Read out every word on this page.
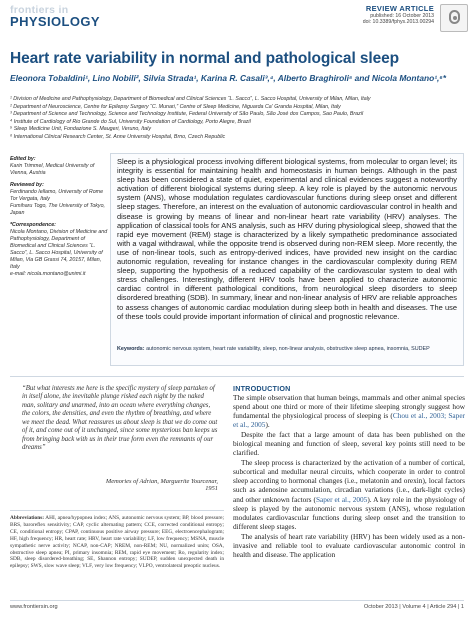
frontiers in
PHYSIOLOGY
REVIEW ARTICLE
published: 16 October 2013
doi: 10.3389/fphys.2013.00294
Heart rate variability in normal and pathological sleep
Eleonora Tobaldini¹, Lino Nobili², Silvia Strada¹, Karina R. Casali³,⁴, Alberto Braghiroli⁵ and Nicola Montano¹,⁶*
¹ Division of Medicine and Pathophysiology, Department of Biomedical and Clinical Sciences “L. Sacco”, L. Sacco Hospital, University of Milan, Milan, Italy
² Department of Neuroscience, Centre for Epilepsy Surgery “C. Munari,” Centre of Sleep Medicine, Niguarda Ca' Granda Hospital, Milan, Italy
³ Department of Science and Technology, Science and Technology Institute, Federal University of São Paulo, São José dos Campos, Sao Paulo, Brazil
⁴ Institute of Cardiology of Rio Grande do Sul, University Foundation of Cardiology, Porto Alegre, Brazil
⁵ Sleep Medicine Unit, Fondazione S. Maugeri, Veruno, Italy
⁶ International Clinical Research Center, St. Anne University Hospital, Brno, Czech Republic
Edited by:
Karin Trimmel, Medical University of Vienna, Austria
Reviewed by:
Ferdinando Iellamo, University of Rome Tor Vergata, Italy
Fumiharu Togo, The University of Tokyo, Japan
*Correspondence:
Nicola Montano, Division of Medicine and Pathophysiology, Department of Biomedical and Clinical Sciences “L. Sacco”, L. Sacco Hospital, University of Milan, Via GB Grassi 74, 20157, Milan, Italy
e-mail: nicola.montano@unimi.it
Sleep is a physiological process involving different biological systems, from molecular to organ level; its integrity is essential for maintaining health and homeostasis in human beings. Although in the past sleep has been considered a state of quiet, experimental and clinical evidences suggest a noteworthy activation of different biological systems during sleep. A key role is played by the autonomic nervous system (ANS), whose modulation regulates cardiovascular functions during sleep onset and different sleep stages. Therefore, an interest on the evaluation of autonomic cardiovascular control in health and disease is growing by means of linear and non-linear heart rate variability (HRV) analyses. The application of classical tools for ANS analysis, such as HRV during physiological sleep, showed that the rapid eye movement (REM) stage is characterized by a likely sympathetic predominance associated with a vagal withdrawal, while the opposite trend is observed during non-REM sleep. More recently, the use of non-linear tools, such as entropy-derived indices, have provided new insight on the cardiac autonomic regulation, revealing for instance changes in the cardiovascular complexity during REM sleep, supporting the hypothesis of a reduced capability of the cardiovascular system to deal with stress challenges. Interestingly, different HRV tools have been applied to characterize autonomic cardiac control in different pathological conditions, from neurological sleep disorders to sleep disordered breathing (SDB). In summary, linear and non-linear analysis of HRV are reliable approaches to assess changes of autonomic cardiac modulation during sleep both in health and diseases. The use of these tools could provide important information of clinical and prognostic relevance.
Keywords: autonomic nervous system, heart rate variability, sleep, non-linear analysis, obstructive sleep apnea, insomnia, SUDEP
“But what interests me here is the specific mystery of sleep partaken of in itself alone, the inevitable plunge risked each night by the naked man, solitary and unarmed, into an ocean where everything changes, the colors, the densities, and even the rhythm of breathing, and where we meet the dead. What reassures us about sleep is that we do come out of it, and come out of it unchanged, since some mysterious ban keeps us from bringing back with us in their true form even the remnants of our dreams”
Memories of Adrian, Marguerite Yourcenar, 1951
Abbreviations: AHI, apnea/hypopnea index; ANS, autonomic nervous system; BP, blood pressure; BRS, baroreflex sensitivity; CAP, cyclic alternating pattern; CCE, corrected conditional entropy; CE, conditional entropy; CPAP, continuous positive airway pressure; EEG, electroencephalogram; HF, high frequency; HR, heart rate; HRV, heart rate variability; LF, low frequency; MSNA, muscle sympathetic nerve activity; NCAP, non-CAP; NREM, non-REM; NU, normalized units; OSA, obstructive sleep apnea; PI, primary insomnia; REM, rapid eye movement; Ro, regularity index; SDB, sleep disordered-breathing; SE, Shannon entropy; SUDEP, sudden unexpected death in epilepsy; SWS, slow wave sleep; VLF, very low frequency; VLPO, ventrolateral preoptic nucleus.
INTRODUCTION

The simple observation that human beings, mammals and other animal species spend about one third or more of their lifetime sleeping strongly suggest how fundamental the physiological process of sleeping is (Chou et al., 2003; Saper et al., 2005).

Despite the fact that a large amount of data has been published on the biological meaning and function of sleep, several key points still need to be clarified.

The sleep process is characterized by the activation of a number of cortical, subcortical and medullar neural circuits, which cooperate in order to control sleep according to hormonal changes (i.e., melatonin and orexin), local factors such as adenosine accumulation, circadian variations (i.e., dark-light cycles) and other unknown factors (Saper et al., 2005). A key role in the physiology of sleep is played by the autonomic nervous system (ANS), whose regulation modulates cardiovascular functions during sleep onset and the transition to different sleep stages.

The analysis of heart rate variability (HRV) has been widely used as a non-invasive and reliable tool to evaluate cardiovascular autonomic control in health and disease. The application

www.frontiersin.org	October 2013 | Volume 4 | Article 294 | 1
